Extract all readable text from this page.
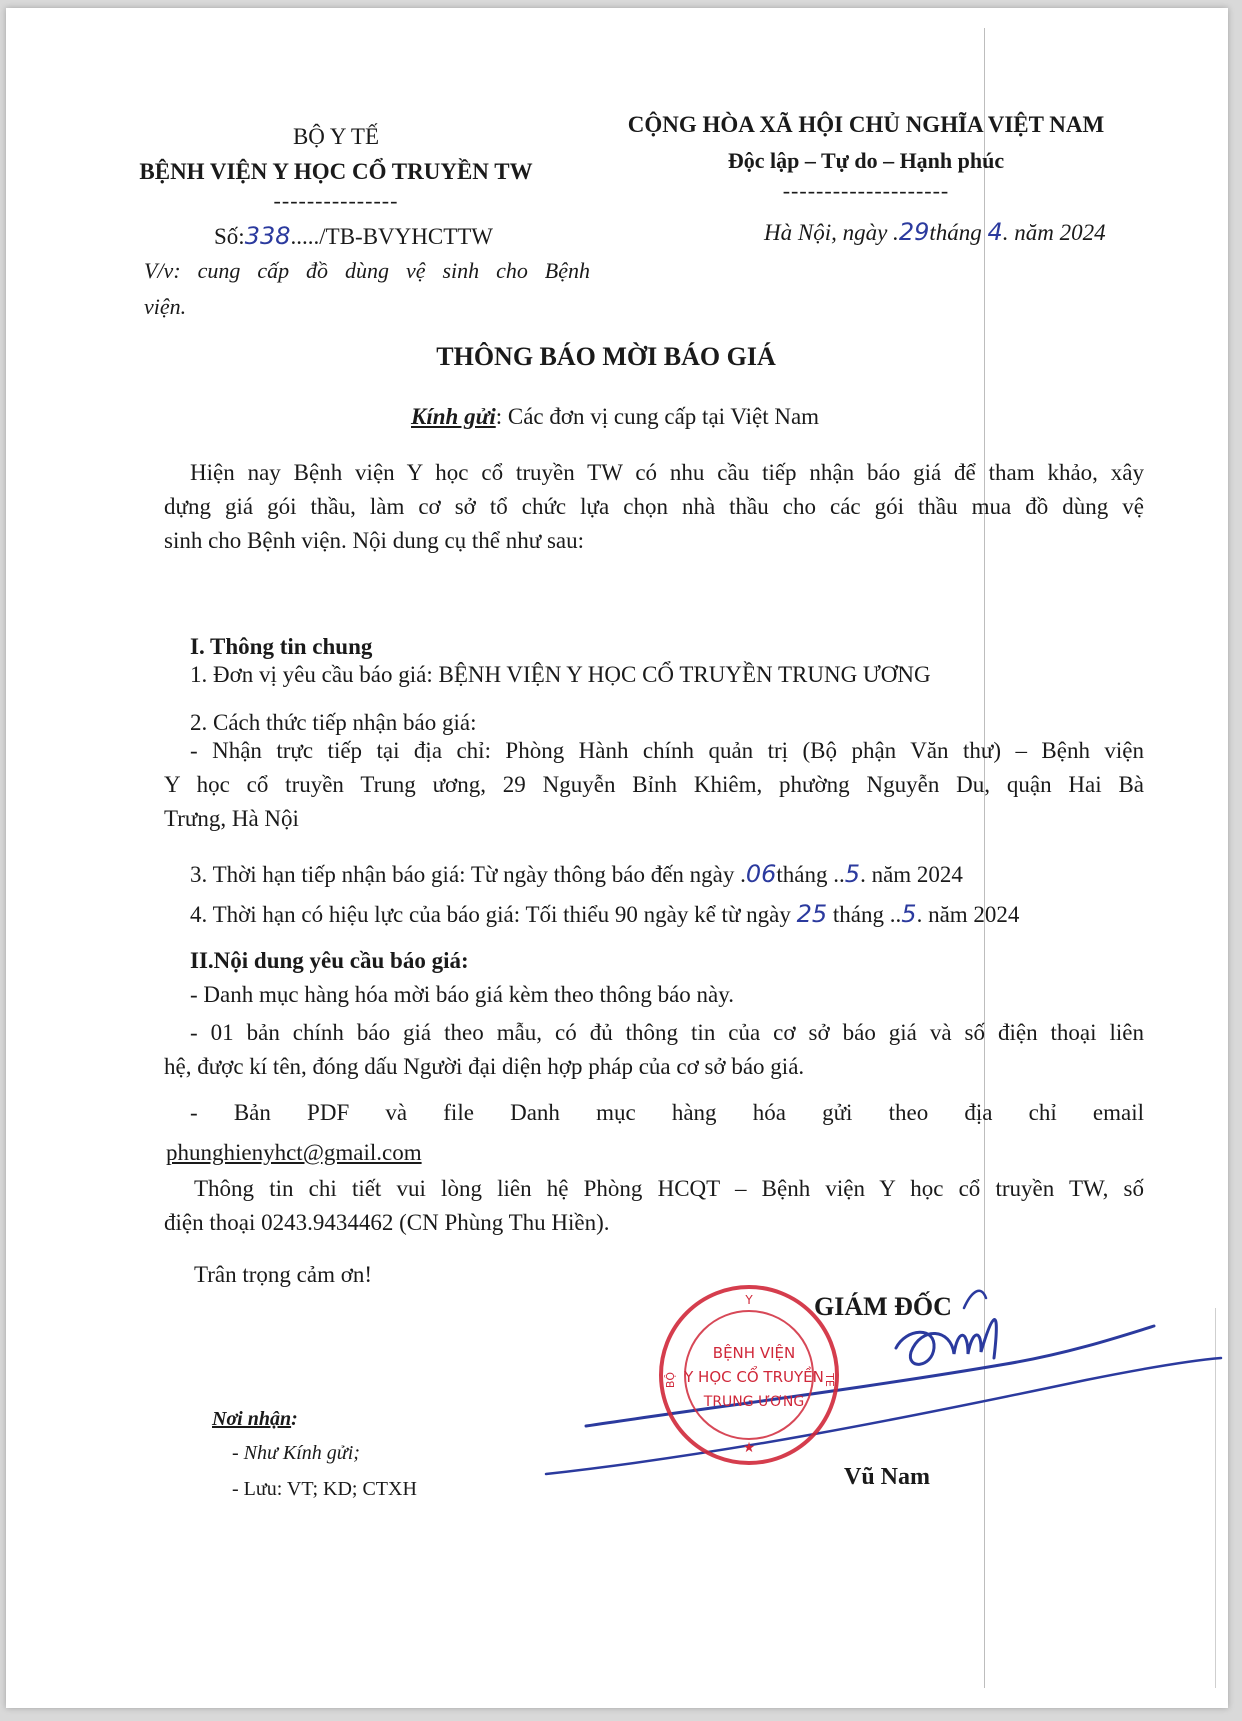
BỘ Y TẾ
BỆNH VIỆN Y HỌC CỔ TRUYỀN TW
---------------
Số:338...../TB-BVYHCTTW
V/v: cung cấp đồ dùng vệ sinh cho Bệnh
viện.
CỘNG HÒA XÃ HỘI CHỦ NGHĨA VIỆT NAM
Độc lập – Tự do – Hạnh phúc
--------------------
Hà Nội, ngày .29tháng 4. năm 2024
THÔNG BÁO MỜI BÁO GIÁ
Kính gửi: Các đơn vị cung cấp tại Việt Nam
Hiện nay Bệnh viện Y học cổ truyền TW có nhu cầu tiếp nhận báo giá để tham khảo, xây
dựng giá gói thầu, làm cơ sở tổ chức lựa chọn nhà thầu cho các gói thầu mua đồ dùng vệ
sinh cho Bệnh viện. Nội dung cụ thể như sau:
I. Thông tin chung
1. Đơn vị yêu cầu báo giá: BỆNH VIỆN Y HỌC CỔ TRUYỀN TRUNG ƯƠNG
2. Cách thức tiếp nhận báo giá:
- Nhận trực tiếp tại địa chỉ: Phòng Hành chính quản trị (Bộ phận Văn thư) – Bệnh viện
Y học cổ truyền Trung ương, 29 Nguyễn Bỉnh Khiêm, phường Nguyễn Du, quận Hai Bà
Trưng, Hà Nội
3. Thời hạn tiếp nhận báo giá: Từ ngày thông báo đến ngày .06tháng ..5. năm 2024
4. Thời hạn có hiệu lực của báo giá: Tối thiểu 90 ngày kể từ ngày 25 tháng ..5. năm 2024
II.Nội dung yêu cầu báo giá:
- Danh mục hàng hóa mời báo giá kèm theo thông báo này.
- 01 bản chính báo giá theo mẫu, có đủ thông tin của cơ sở báo giá và số điện thoại liên
hệ, được kí tên, đóng dấu Người đại diện hợp pháp của cơ sở báo giá.
- Bản PDF và file Danh mục hàng hóa gửi theo địa chỉ email
phunghienyhct@gmail.com
Thông tin chi tiết vui lòng liên hệ Phòng HCQT – Bệnh viện Y học cổ truyền TW, số
điện thoại 0243.9434462 (CN Phùng Thu Hiền).
Trân trọng cảm ơn!
Nơi nhận:
- Như Kính gửi;
- Lưu: VT; KD; CTXH
GIÁM ĐỐC
Vũ Nam
Y
BỘ	TẾ
BỆNH VIỆN
Y HỌC CỔ TRUYỀN
TRUNG ƯƠNG
★
